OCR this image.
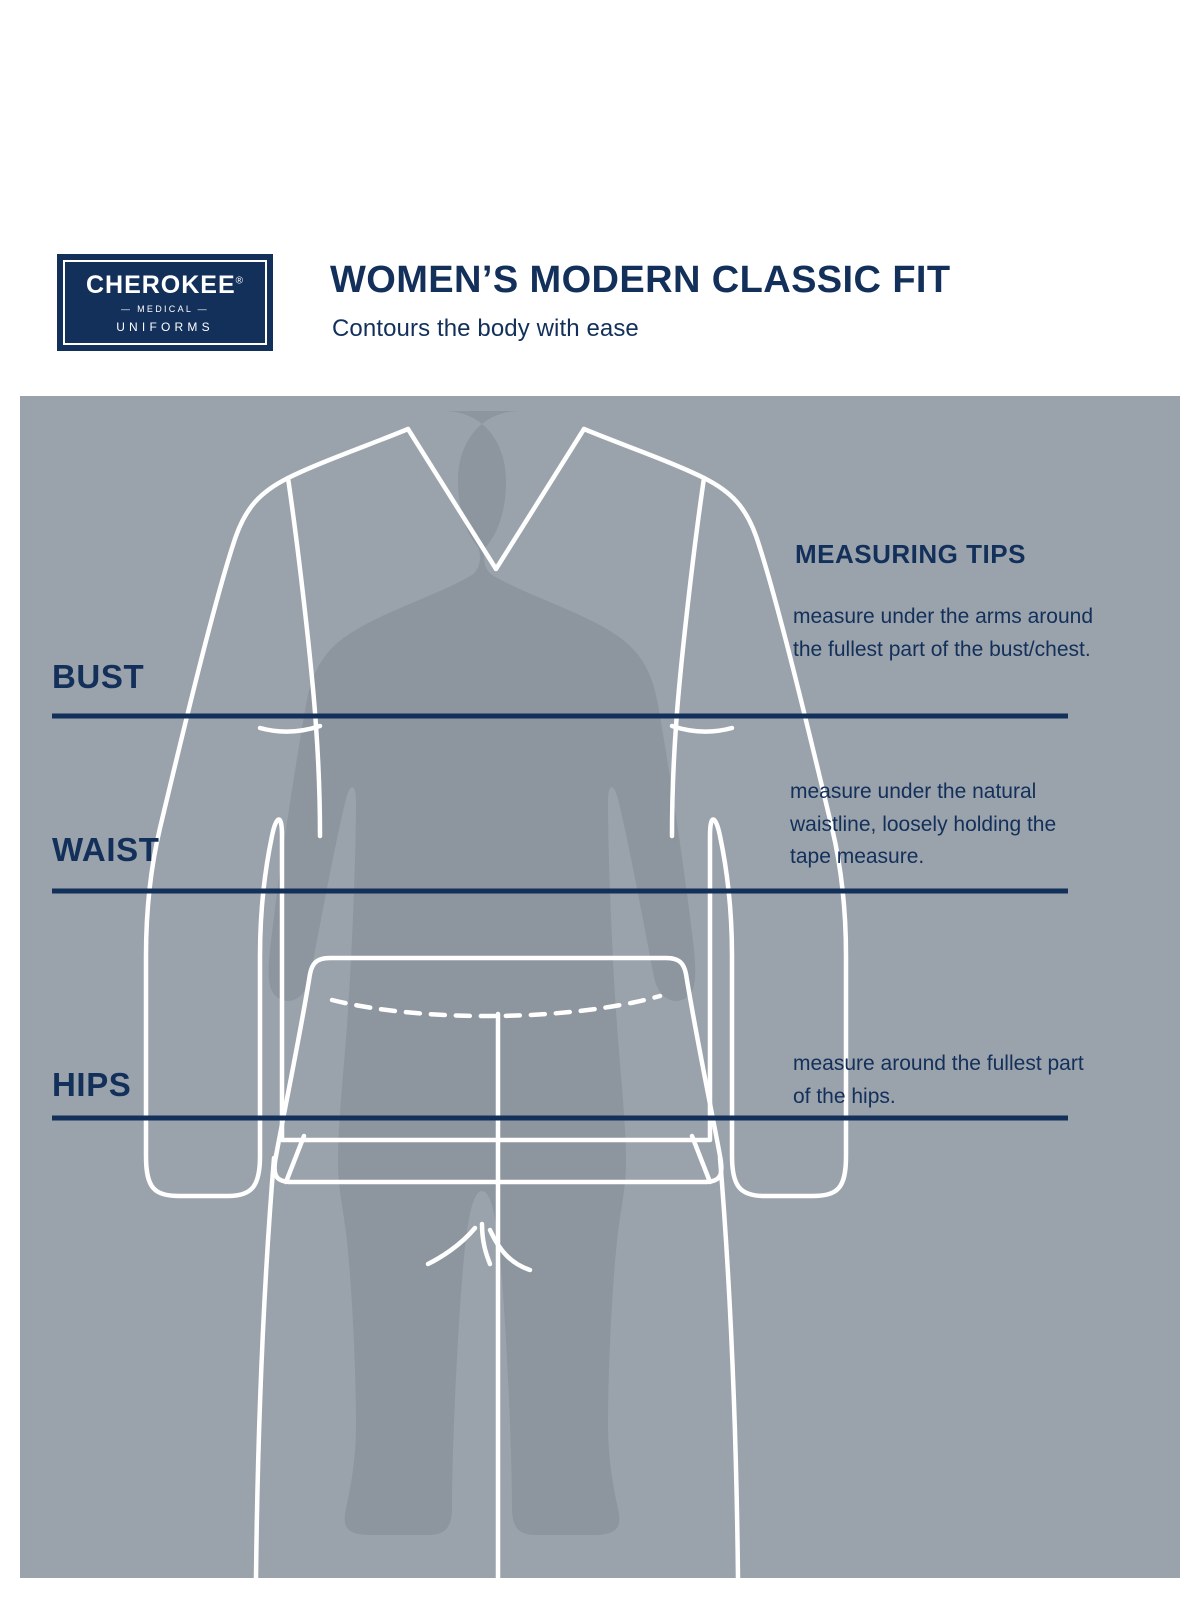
CHEROKEE®
— MEDICAL —
UNIFORMS
WOMEN’S MODERN CLASSIC FIT
Contours the body with ease
BUST
WAIST
HIPS
MEASURING TIPS
measure under the arms around the fullest part of the bust/chest.
measure under the natural waistline, loosely holding the tape measure.
measure around the fullest part of the hips.
